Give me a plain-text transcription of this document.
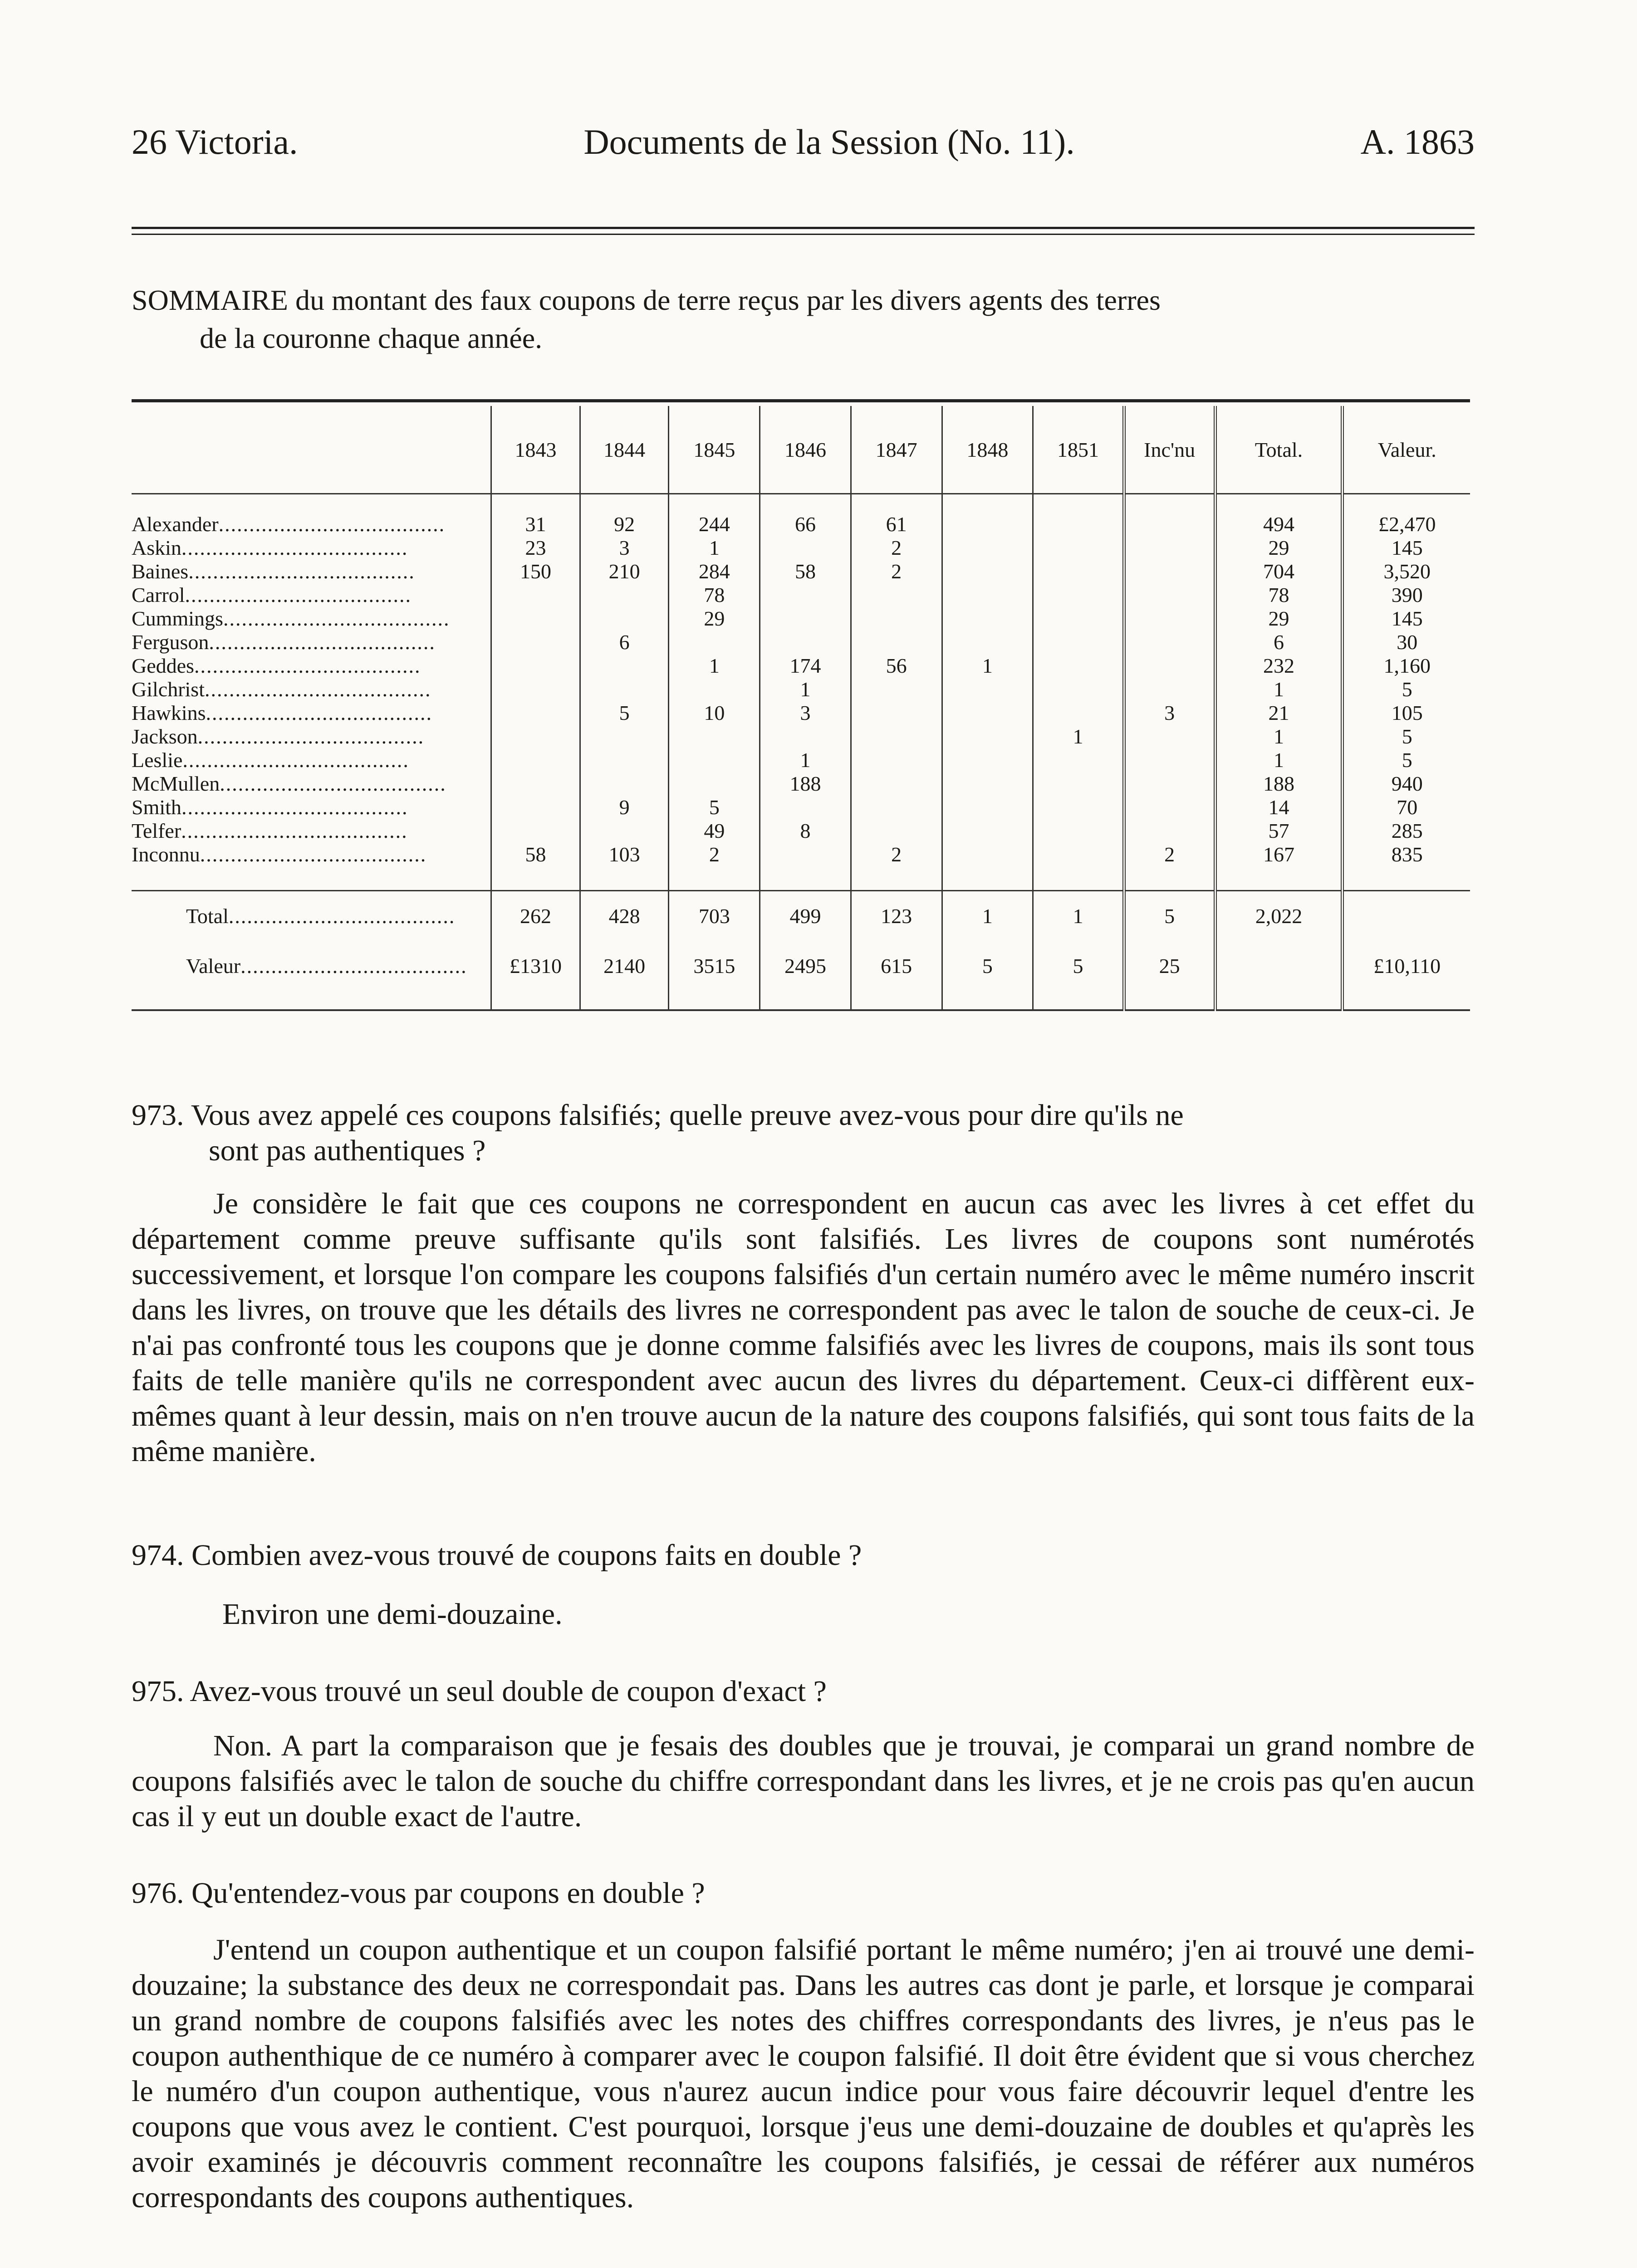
26 Victoria.	Documents de la Session (No. 11).	A. 1863
SOMMAIRE du montant des faux coupons de terre reçus par les divers agents des terres
de la couronne chaque année.
	1843	1844	1845	1846	1847	1848	1851	Inc'nu	Total.	Valeur.

Alexander.....................................	31	92	244	66	61				494	£2,470
Askin.....................................	23	3	1		2				29	145
Baines.....................................	150	210	284	58	2				704	3,520
Carrol.....................................			78						78	390
Cummings.....................................			29						29	145
Ferguson.....................................		6							6	30
Geddes.....................................			1	174	56	1			232	1,160
Gilchrist.....................................				1					1	5
Hawkins.....................................		5	10	3				3	21	105
Jackson.....................................							1		1	5
Leslie.....................................				1					1	5
McMullen.....................................				188					188	940
Smith.....................................		9	5						14	70
Telfer.....................................			49	8					57	285
Inconnu.....................................	58	103	2		2			2	167	835

Total.....................................	262	428	703	499	123	1	1	5	2,022	
Valeur.....................................	£1310	2140	3515	2495	615	5	5	25		£10,110

973. Vous avez appelé ces coupons falsifiés; quelle preuve avez-vous pour dire qu'ils ne
sont pas authentiques ?
Je considère le fait que ces coupons ne correspondent en aucun cas avec les livres à cet effet du département comme preuve suffisante qu'ils sont falsifiés. Les livres de coupons sont numérotés successivement, et lorsque l'on compare les coupons falsifiés d'un certain numéro avec le même numéro inscrit dans les livres, on trouve que les détails des livres ne correspondent pas avec le talon de souche de ceux-ci. Je n'ai pas confronté tous les coupons que je donne comme falsifiés avec les livres de coupons, mais ils sont tous faits de telle manière qu'ils ne correspondent avec aucun des livres du département. Ceux-ci diffèrent eux-mêmes quant à leur dessin, mais on n'en trouve aucun de la nature des coupons falsifiés, qui sont tous faits de la même manière.
974. Combien avez-vous trouvé de coupons faits en double ?
Environ une demi-douzaine.
975. Avez-vous trouvé un seul double de coupon d'exact ?
Non. A part la comparaison que je fesais des doubles que je trouvai, je comparai un grand nombre de coupons falsifiés avec le talon de souche du chiffre correspondant dans les livres, et je ne crois pas qu'en aucun cas il y eut un double exact de l'autre.
976. Qu'entendez-vous par coupons en double ?
J'entend un coupon authentique et un coupon falsifié portant le même numéro; j'en ai trouvé une demi-douzaine; la substance des deux ne correspondait pas. Dans les autres cas dont je parle, et lorsque je comparai un grand nombre de coupons falsifiés avec les notes des chiffres correspondants des livres, je n'eus pas le coupon authenthique de ce numéro à comparer avec le coupon falsifié. Il doit être évident que si vous cherchez le numéro d'un coupon authentique, vous n'aurez aucun indice pour vous faire découvrir lequel d'entre les coupons que vous avez le contient. C'est pourquoi, lorsque j'eus une demi-douzaine de doubles et qu'après les avoir examinés je découvris comment reconnaître les coupons falsifiés, je cessai de référer aux numéros correspondants des coupons authentiques.
